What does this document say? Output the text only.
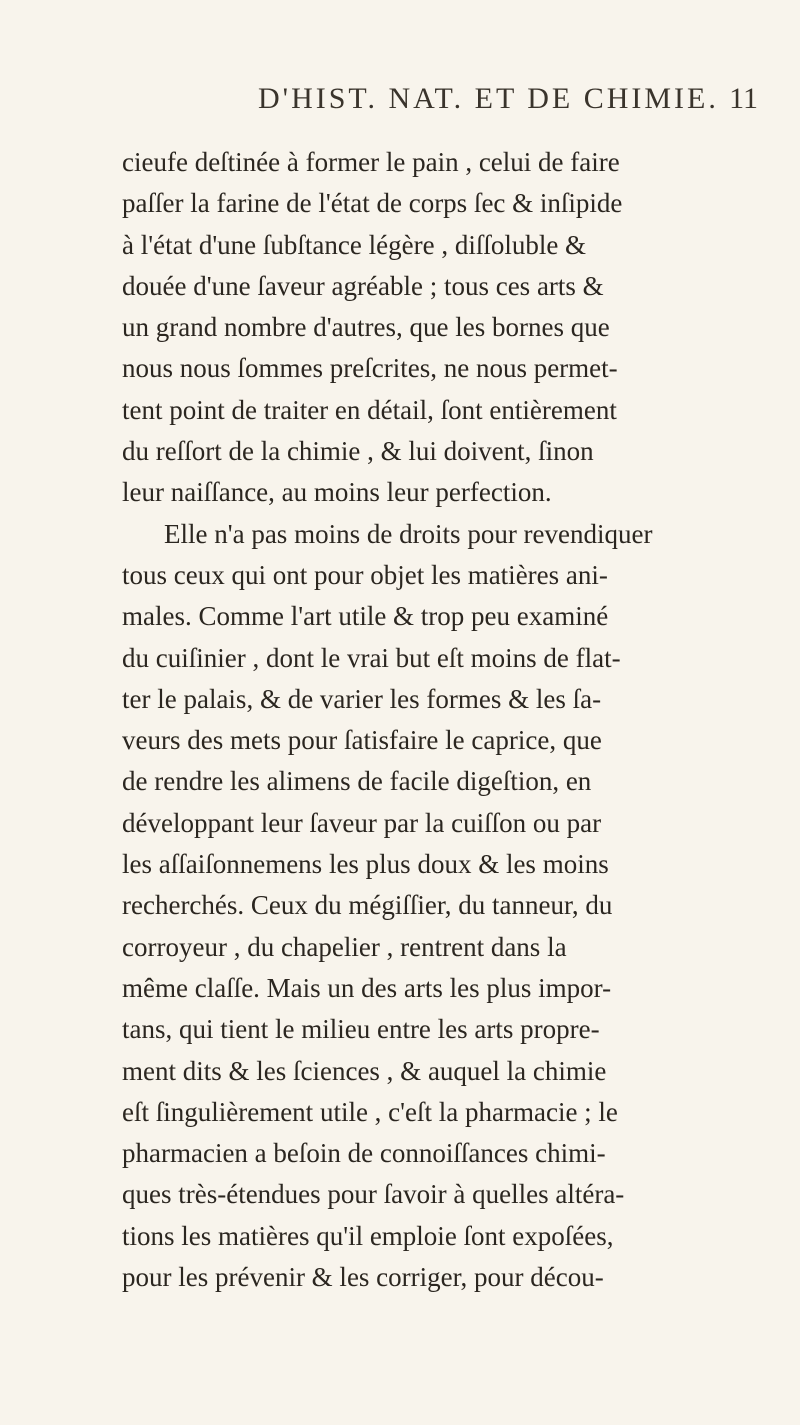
D'HIST. NAT. ET DE CHIMIE. 11
cieufe deſtinée à former le pain , celui de faire
paſſer la farine de l'état de corps ſec & inſipide
à l'état d'une ſubſtance légère , diſſoluble &
douée d'une ſaveur agréable ; tous ces arts &
un grand nombre d'autres, que les bornes que
nous nous ſommes preſcrites, ne nous permet-
tent point de traiter en détail, ſont entièrement
du reſſort de la chimie , & lui doivent, ſinon
leur naiſſance, au moins leur perfection.
Elle n'a pas moins de droits pour revendiquer
tous ceux qui ont pour objet les matières ani-
males. Comme l'art utile & trop peu examiné
du cuiſinier , dont le vrai but eſt moins de flat-
ter le palais, & de varier les formes & les ſa-
veurs des mets pour ſatisfaire le caprice, que
de rendre les alimens de facile digeſtion, en
développant leur ſaveur par la cuiſſon ou par
les aſſaiſonnemens les plus doux & les moins
recherchés. Ceux du mégiſſier, du tanneur, du
corroyeur , du chapelier , rentrent dans la
même claſſe. Mais un des arts les plus impor-
tans, qui tient le milieu entre les arts propre-
ment dits & les ſciences , & auquel la chimie
eſt ſingulièrement utile , c'eſt la pharmacie ; le
pharmacien a beſoin de connoiſſances chimi-
ques très-étendues pour ſavoir à quelles altéra-
tions les matières qu'il emploie ſont expoſées,
pour les prévenir & les corriger, pour décou-
